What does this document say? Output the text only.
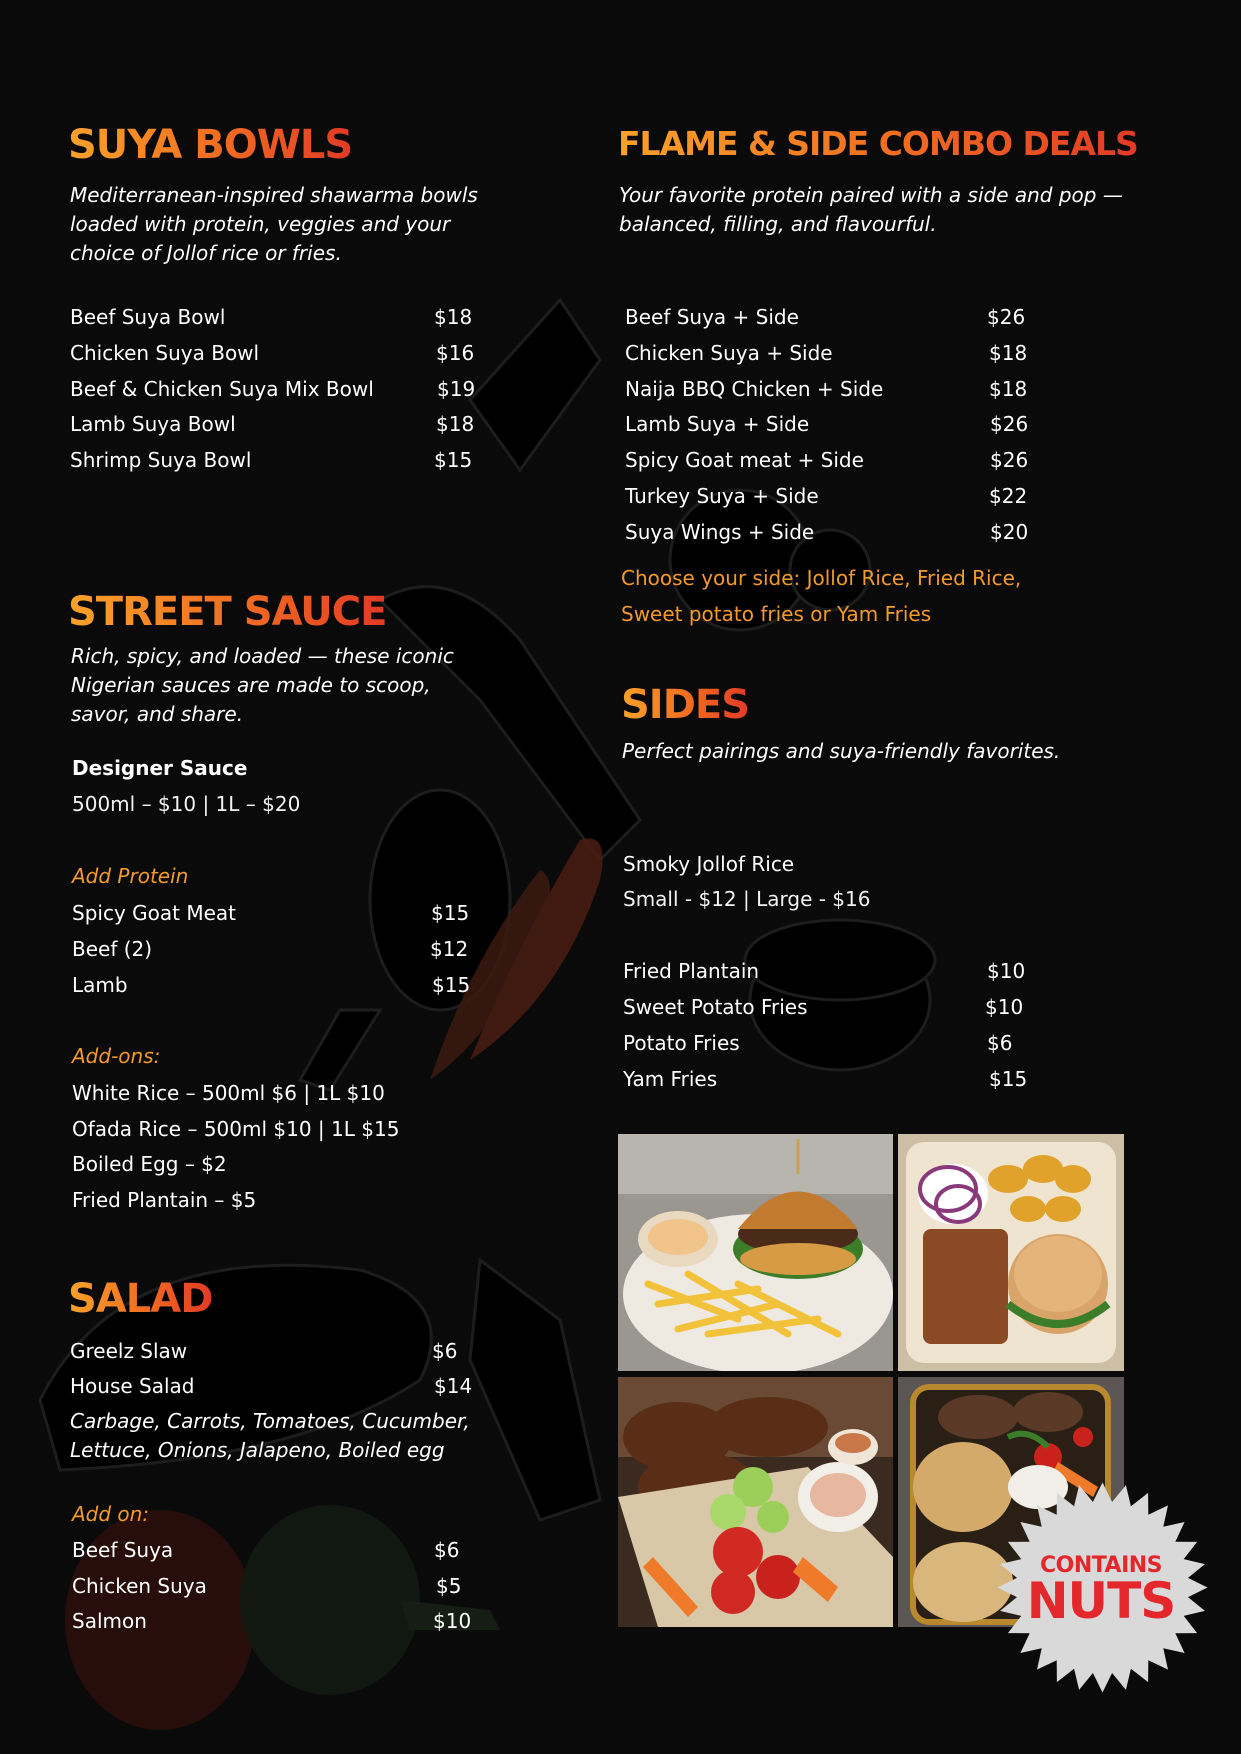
SUYA BOWLS
Mediterranean-inspired shawarma bowls loaded with protein, veggies and your choice of Jollof rice or fries.
Beef Suya Bowl	$18
Chicken Suya Bowl	$16
Beef & Chicken Suya Mix Bowl	$19
Lamb Suya Bowl	$18
Shrimp Suya Bowl	$15
FLAME & SIDE COMBO DEALS
Your favorite protein paired with a side and pop — balanced, filling, and flavourful.
Beef Suya + Side	$26
Chicken Suya + Side	$18
Naija BBQ Chicken + Side	$18
Lamb Suya + Side	$26
Spicy Goat meat + Side	$26
Turkey Suya + Side	$22
Suya Wings + Side	$20
Choose your side: Jollof Rice, Fried Rice,
Sweet potato fries or Yam Fries
STREET SAUCE
Rich, spicy, and loaded — these iconic Nigerian sauces are made to scoop, savor, and share.
Designer Sauce
500ml – $10 | 1L – $20
Add Protein
Spicy Goat Meat	$15
Beef (2)	$12
Lamb	$15
Add-ons:
White Rice – 500ml $6 | 1L $10
Ofada Rice – 500ml $10 | 1L $15
Boiled Egg – $2
Fried Plantain – $5
SIDES
Perfect pairings and suya-friendly favorites.
Smoky Jollof Rice
Small - $12 | Large - $16
Fried Plantain	$10
Sweet Potato Fries	$10
Potato Fries	$6
Yam Fries	$15
SALAD
Greelz Slaw	$6
House Salad	$14
Carbage, Carrots, Tomatoes, Cucumber, Lettuce, Onions, Jalapeno, Boiled egg
Add on:
Beef Suya	$6
Chicken Suya	$5
Salmon	$10
CONTAINS
NUTS
